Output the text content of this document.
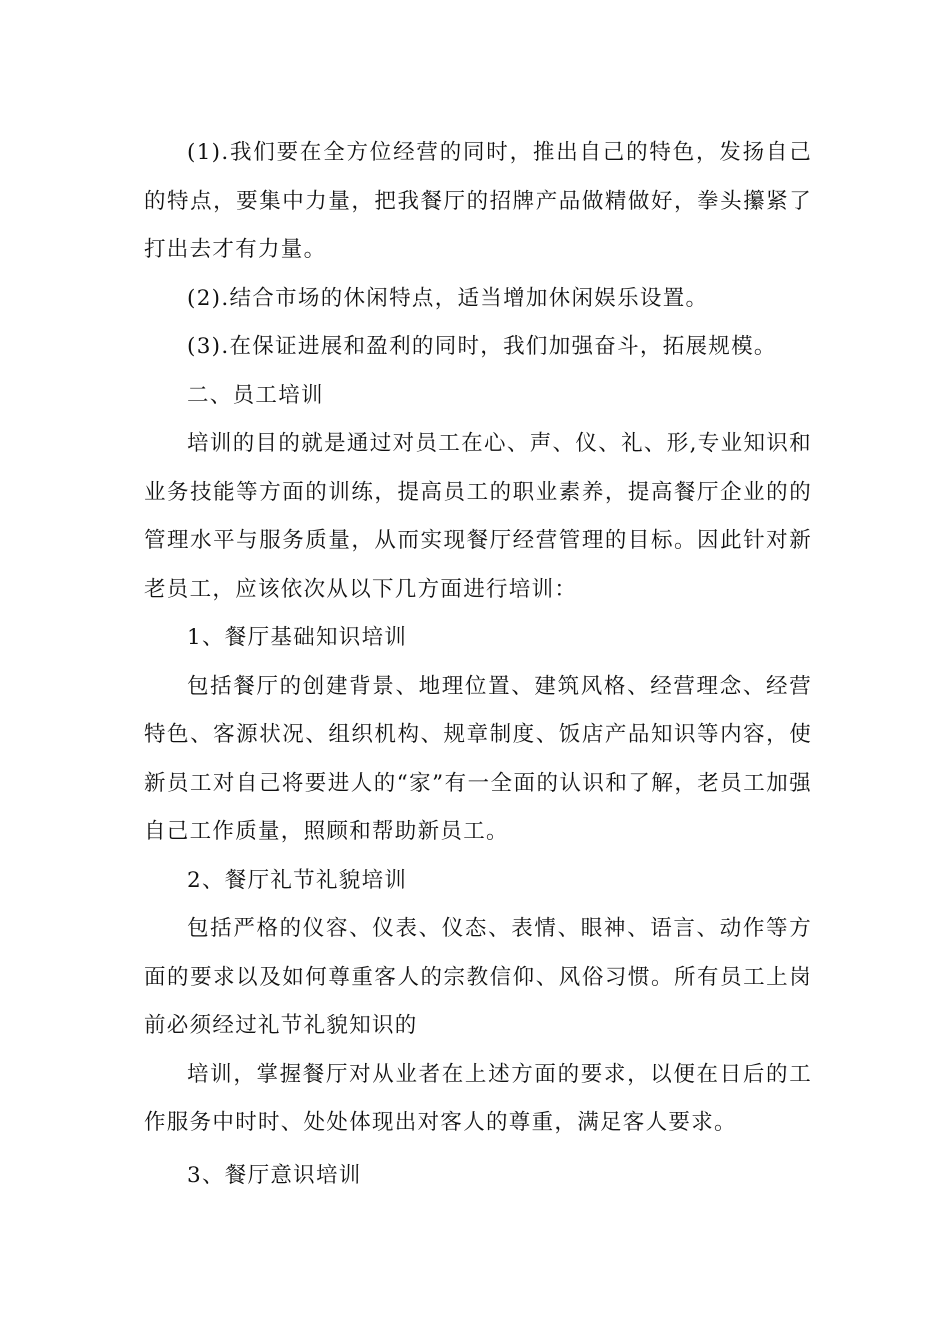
(1).我们要在全方位经营的同时，推出自己的特色，发扬自己的特点，要集中力量，把我餐厅的招牌产品做精做好，拳头攥紧了打出去才有力量。

(2).结合市场的休闲特点，适当增加休闲娱乐设置。

(3).在保证进展和盈利的同时，我们加强奋斗，拓展规模。

二、员工培训

培训的目的就是通过对员工在心、声、仪、礼、形,专业知识和业务技能等方面的训练，提高员工的职业素养，提高餐厅企业的的管理水平与服务质量，从而实现餐厅经营管理的目标。因此针对新老员工，应该依次从以下几方面进行培训：

1、餐厅基础知识培训

包括餐厅的创建背景、地理位置、建筑风格、经营理念、经营特色、客源状况、组织机构、规章制度、饭店产品知识等内容，使新员工对自己将要进人的“家”有一全面的认识和了解，老员工加强自己工作质量，照顾和帮助新员工。

2、餐厅礼节礼貌培训

包括严格的仪容、仪表、仪态、表情、眼神、语言、动作等方面的要求以及如何尊重客人的宗教信仰、风俗习惯。所有员工上岗前必须经过礼节礼貌知识的

培训，掌握餐厅对从业者在上述方面的要求，以便在日后的工作服务中时时、处处体现出对客人的尊重，满足客人要求。

3、餐厅意识培训
